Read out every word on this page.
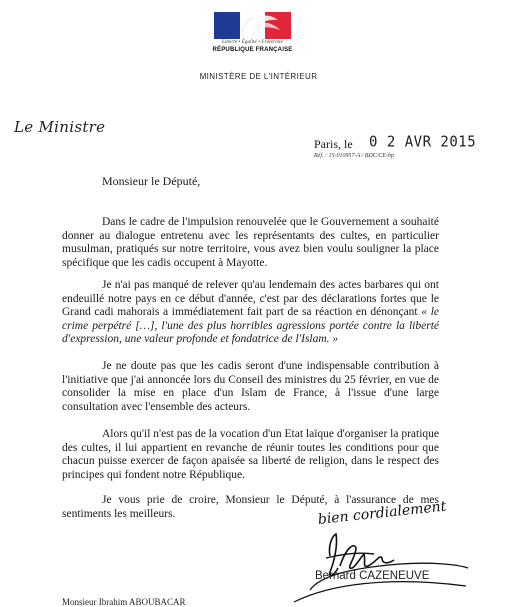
Liberté • Égalité • Fraternité
RÉPUBLIQUE FRANÇAISE
MINISTÈRE DE L'INTÉRIEUR
Le Ministre
Paris, le 0 2 AVR 2015
Réf. : 15-010957-A / BDC/CE-bp
Monsieur le Député,

Dans le cadre de l'impulsion renouvelée que le Gouvernement a souhaité donner au dialogue entretenu avec les représentants des cultes, en particulier musulman, pratiqués sur notre territoire, vous avez bien voulu souligner la place spécifique que les cadis occupent à Mayotte.

Je n'ai pas manqué de relever qu'au lendemain des actes barbares qui ont endeuillé notre pays en ce début d'année, c'est par des déclarations fortes que le Grand cadi mahorais a immédiatement fait part de sa réaction en dénonçant « le crime perpétré […], l'une des plus horribles agressions portée contre la liberté d'expression, une valeur profonde et fondatrice de l'Islam. »

Je ne doute pas que les cadis seront d'une indispensable contribution à l'initiative que j'ai annoncée lors du Conseil des ministres du 25 février, en vue de consolider la mise en place d'un Islam de France, à l'issue d'une large consultation avec l'ensemble des acteurs.

Alors qu'il n'est pas de la vocation d'un Etat laïque d'organiser la pratique des cultes, il lui appartient en revanche de réunir toutes les conditions pour que chacun puisse exercer de façon apaisée sa liberté de religion, dans le respect des principes qui fondent notre République.

Je vous prie de croire, Monsieur le Député, à l'assurance de mes sentiments les meilleurs.	bien cordialement
Bernard CAZENEUVE
Monsieur Ibrahim ABOUBACAR
